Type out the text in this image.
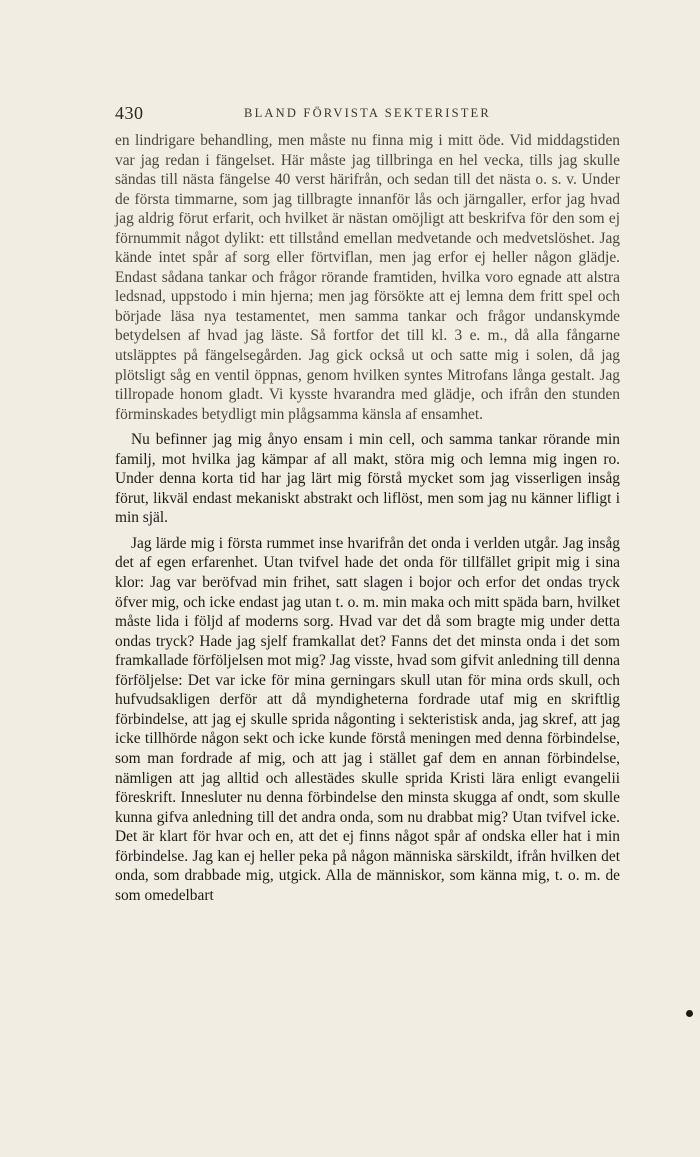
430	BLAND FÖRVISTA SEKTERISTER

en lindrigare behandling, men måste nu finna mig i mitt öde. Vid middagstiden var jag redan i fängelset. Här måste jag tillbringa en hel vecka, tills jag skulle sändas till nästa fängelse 40 verst härifrån, och sedan till det nästa o. s. v. Under de första timmarne, som jag tillbragte innanför lås och järngaller, erfor jag hvad jag aldrig förut erfarit, och hvilket är nästan omöjligt att beskrifva för den som ej förnummit något dylikt: ett tillstånd emellan medvetande och medvetslöshet. Jag kände intet spår af sorg eller förtviflan, men jag erfor ej heller någon glädje. Endast sådana tankar och frågor rörande framtiden, hvilka voro egnade att alstra ledsnad, uppstodo i min hjerna; men jag försökte att ej lemna dem fritt spel och började läsa nya testamentet, men samma tankar och frågor undanskymde betydelsen af hvad jag läste. Så fortfor det till kl. 3 e. m., då alla fångarne utsläpptes på fängelsegården. Jag gick också ut och satte mig i solen, då jag plötsligt såg en ventil öppnas, genom hvilken syntes Mitrofans långa gestalt. Jag tillropade honom gladt. Vi kysste hvarandra med glädje, och ifrån den stunden förminskades betydligt min plågsamma känsla af ensamhet.

Nu befinner jag mig ånyo ensam i min cell, och samma tankar rörande min familj, mot hvilka jag kämpar af all makt, störa mig och lemna mig ingen ro. Under denna korta tid har jag lärt mig förstå mycket som jag visserligen insåg förut, likväl endast mekaniskt abstrakt och liflöst, men som jag nu känner lifligt i min själ.

Jag lärde mig i första rummet inse hvarifrån det onda i verlden utgår. Jag insåg det af egen erfarenhet. Utan tvifvel hade det onda för tillfället gripit mig i sina klor: Jag var beröfvad min frihet, satt slagen i bojor och erfor det ondas tryck öfver mig, och icke endast jag utan t. o. m. min maka och mitt späda barn, hvilket måste lida i följd af moderns sorg. Hvad var det då som bragte mig under detta ondas tryck? Hade jag sjelf framkallat det? Fanns det det minsta onda i det som framkallade förföljelsen mot mig? Jag visste, hvad som gifvit anledning till denna förföljelse: Det var icke för mina gerningars skull utan för mina ords skull, och hufvudsakligen derför att då myndigheterna fordrade utaf mig en skriftlig förbindelse, att jag ej skulle sprida någonting i sekteristisk anda, jag skref, att jag icke tillhörde någon sekt och icke kunde förstå meningen med denna förbindelse, som man fordrade af mig, och att jag i stället gaf dem en annan förbindelse, nämligen att jag alltid och allestädes skulle sprida Kristi lära enligt evangelii föreskrift. Innesluter nu denna förbindelse den minsta skugga af ondt, som skulle kunna gifva anledning till det andra onda, som nu drabbat mig? Utan tvifvel icke. Det är klart för hvar och en, att det ej finns något spår af ondska eller hat i min förbindelse. Jag kan ej heller peka på någon människa särskildt, ifrån hvilken det onda, som drabbade mig, utgick. Alla de människor, som känna mig, t. o. m. de som omedelbart
